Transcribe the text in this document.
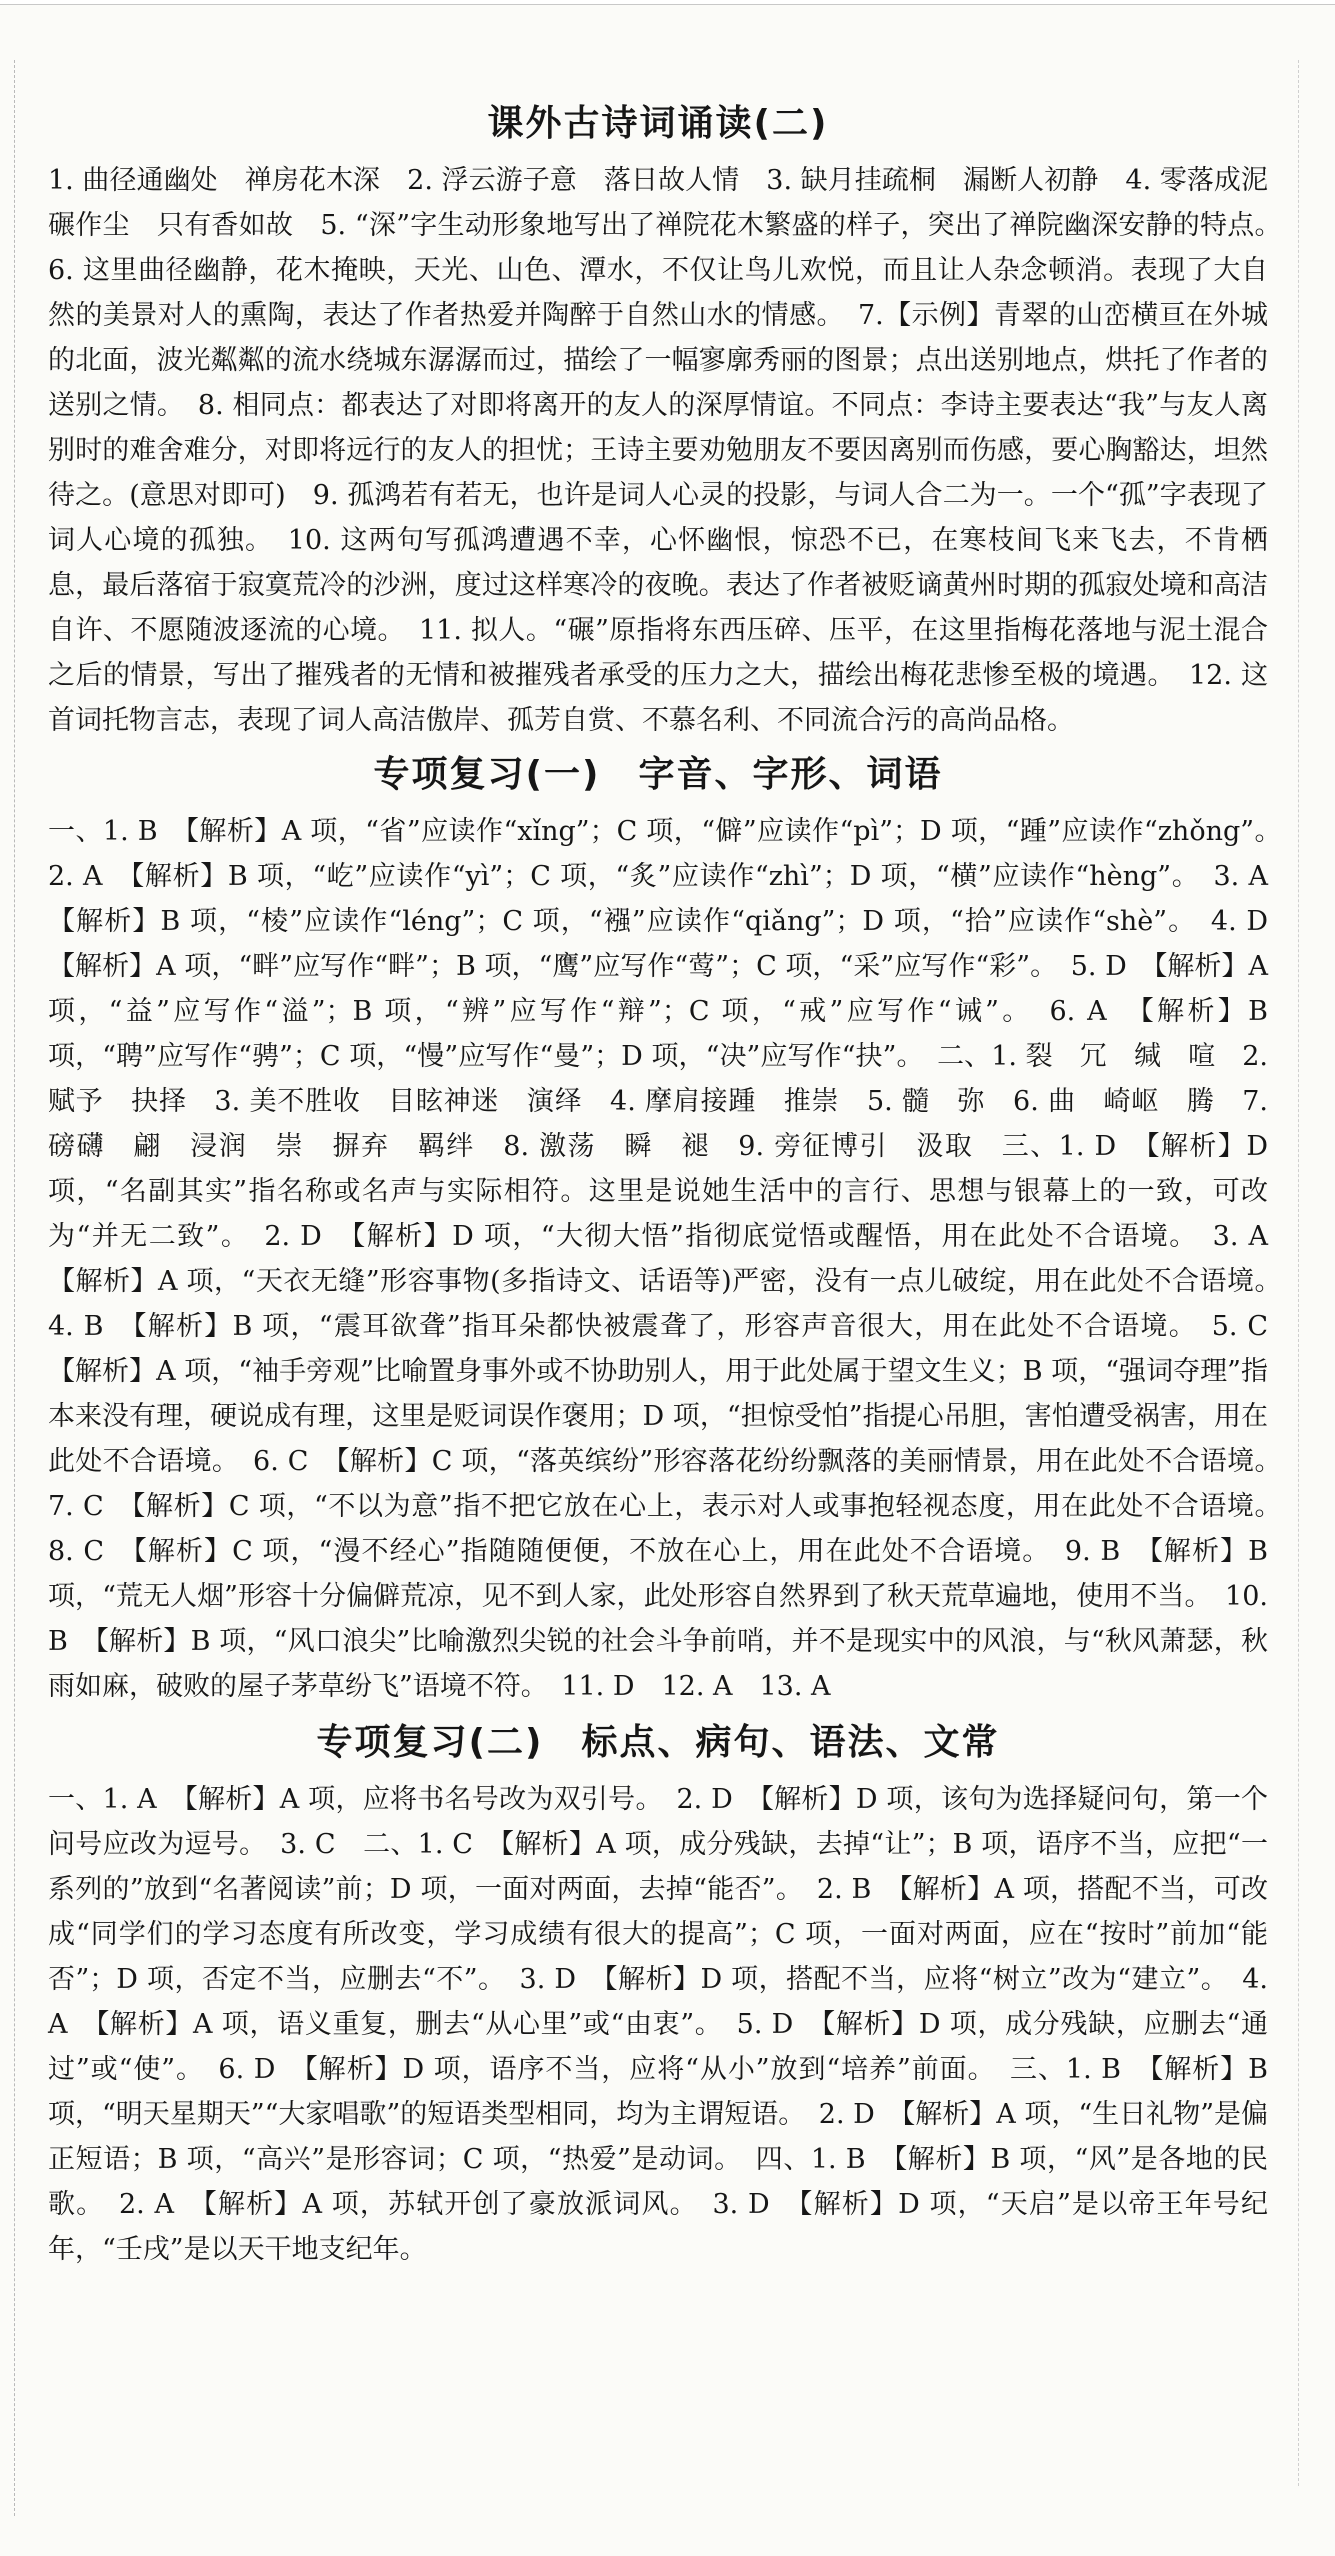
课外古诗词诵读(二)

1. 曲径通幽处　禅房花木深　2. 浮云游子意　落日故人情　3. 缺月挂疏桐　漏断人初静　4. 零落成泥碾作尘　只有香如故　5. “深”字生动形象地写出了禅院花木繁盛的样子，突出了禅院幽深安静的特点。　6. 这里曲径幽静，花木掩映，天光、山色、潭水，不仅让鸟儿欢悦，而且让人杂念顿消。表现了大自然的美景对人的熏陶，表达了作者热爱并陶醉于自然山水的情感。　7.【示例】青翠的山峦横亘在外城的北面，波光粼粼的流水绕城东潺潺而过，描绘了一幅寥廓秀丽的图景；点出送别地点，烘托了作者的送别之情。　8. 相同点：都表达了对即将离开的友人的深厚情谊。不同点：李诗主要表达“我”与友人离别时的难舍难分，对即将远行的友人的担忧；王诗主要劝勉朋友不要因离别而伤感，要心胸豁达，坦然待之。(意思对即可)　9. 孤鸿若有若无，也许是词人心灵的投影，与词人合二为一。一个“孤”字表现了词人心境的孤独。　10. 这两句写孤鸿遭遇不幸，心怀幽恨，惊恐不已，在寒枝间飞来飞去，不肯栖息，最后落宿于寂寞荒冷的沙洲，度过这样寒冷的夜晚。表达了作者被贬谪黄州时期的孤寂处境和高洁自许、不愿随波逐流的心境。　11. 拟人。“碾”原指将东西压碎、压平，在这里指梅花落地与泥土混合之后的情景，写出了摧残者的无情和被摧残者承受的压力之大，描绘出梅花悲惨至极的境遇。　12. 这首词托物言志，表现了词人高洁傲岸、孤芳自赏、不慕名利、不同流合污的高尚品格。

专项复习(一)　字音、字形、词语

一、1. B　【解析】A 项，“省”应读作“xǐng”；C 项，“僻”应读作“pì”；D 项，“踵”应读作“zhǒng”。　2. A　【解析】B 项，“屹”应读作“yì”；C 项，“炙”应读作“zhì”；D 项，“横”应读作“hèng”。　3. A　【解析】B 项，“棱”应读作“léng”；C 项，“襁”应读作“qiǎng”；D 项，“拾”应读作“shè”。　4. D　【解析】A 项，“畔”应写作“畔”；B 项，“鹰”应写作“莺”；C 项，“采”应写作“彩”。　5. D　【解析】A 项，“益”应写作“溢”；B 项，“辨”应写作“辩”；C 项，“戒”应写作“诫”。　6. A　【解析】B 项，“聘”应写作“骋”；C 项，“慢”应写作“曼”；D 项，“决”应写作“抉”。　二、1. 裂　冗　缄　喧　2. 赋予　抉择　3. 美不胜收　目眩神迷　演绎　4. 摩肩接踵　推崇　5. 髓　弥　6. 曲　崎岖　腾　7. 磅礴　翩　浸润　崇　摒弃　羁绊　8. 激荡　瞬　褪　9. 旁征博引　汲取　三、1. D　【解析】D 项，“名副其实”指名称或名声与实际相符。这里是说她生活中的言行、思想与银幕上的一致，可改为“并无二致”。　2. D　【解析】D 项，“大彻大悟”指彻底觉悟或醒悟，用在此处不合语境。　3. A　【解析】A 项，“天衣无缝”形容事物(多指诗文、话语等)严密，没有一点儿破绽，用在此处不合语境。　4. B　【解析】B 项，“震耳欲聋”指耳朵都快被震聋了，形容声音很大，用在此处不合语境。　5. C　【解析】A 项，“袖手旁观”比喻置身事外或不协助别人，用于此处属于望文生义；B 项，“强词夺理”指本来没有理，硬说成有理，这里是贬词误作褒用；D 项，“担惊受怕”指提心吊胆，害怕遭受祸害，用在此处不合语境。　6. C　【解析】C 项，“落英缤纷”形容落花纷纷飘落的美丽情景，用在此处不合语境。　7. C　【解析】C 项，“不以为意”指不把它放在心上，表示对人或事抱轻视态度，用在此处不合语境。　8. C　【解析】C 项，“漫不经心”指随随便便，不放在心上，用在此处不合语境。　9. B　【解析】B 项，“荒无人烟”形容十分偏僻荒凉，见不到人家，此处形容自然界到了秋天荒草遍地，使用不当。　10. B　【解析】B 项，“风口浪尖”比喻激烈尖锐的社会斗争前哨，并不是现实中的风浪，与“秋风萧瑟，秋雨如麻，破败的屋子茅草纷飞”语境不符。　11. D　12. A　13. A

专项复习(二)　标点、病句、语法、文常

一、1. A　【解析】A 项，应将书名号改为双引号。　2. D　【解析】D 项，该句为选择疑问句，第一个问号应改为逗号。　3. C　二、1. C　【解析】A 项，成分残缺，去掉“让”；B 项，语序不当，应把“一系列的”放到“名著阅读”前；D 项，一面对两面，去掉“能否”。　2. B　【解析】A 项，搭配不当，可改成“同学们的学习态度有所改变，学习成绩有很大的提高”；C 项，一面对两面，应在“按时”前加“能否”；D 项，否定不当，应删去“不”。　3. D　【解析】D 项，搭配不当，应将“树立”改为“建立”。　4. A　【解析】A 项，语义重复，删去“从心里”或“由衷”。　5. D　【解析】D 项，成分残缺，应删去“通过”或“使”。　6. D　【解析】D 项，语序不当，应将“从小”放到“培养”前面。　三、1. B　【解析】B 项，“明天星期天”“大家唱歌”的短语类型相同，均为主谓短语。　2. D　【解析】A 项，“生日礼物”是偏正短语；B 项，“高兴”是形容词；C 项，“热爱”是动词。　四、1. B　【解析】B 项，“风”是各地的民歌。　2. A　【解析】A 项，苏轼开创了豪放派词风。　3. D　【解析】D 项，“天启”是以帝王年号纪年，“壬戌”是以天干地支纪年。
